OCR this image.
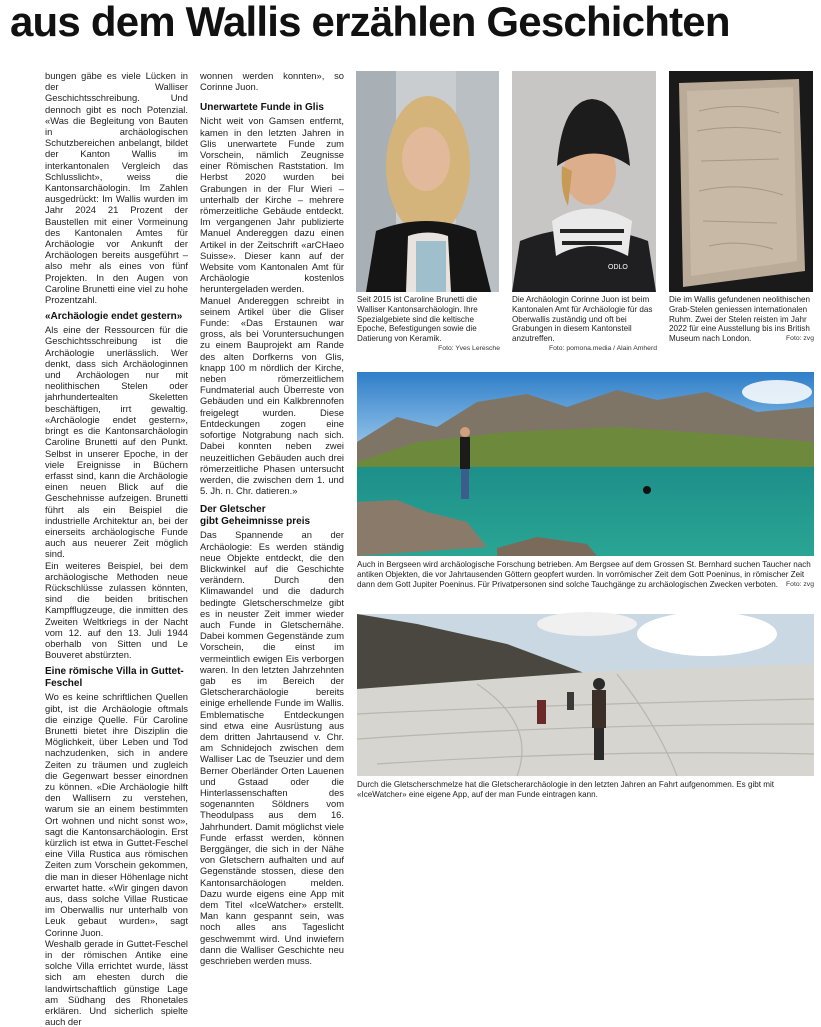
aus dem Wallis erzählen Geschichten

bungen gäbe es viele Lücken in der Walliser Geschichtsschreibung. Und dennoch gibt es noch Potenzial. «Was die Begleitung von Bauten in archäologischen Schutzbereichen anbelangt, bildet der Kanton Wallis im interkantonalen Vergleich das Schlusslicht», weiss die Kantonsarchäologin. Im Zahlen ausgedrückt: Im Wallis wurden im Jahr 2024 21 Prozent der Baustellen mit einer Vormeinung des Kantonalen Amtes für Archäologie vor Ankunft der Archäologen bereits ausgeführt – also mehr als eines von fünf Projekten. In den Augen von Caroline Brunetti eine viel zu hohe Prozentzahl.

«Archäologie endet gestern»

Als eine der Ressourcen für die Geschichtsschreibung ist die Archäologie unerlässlich. Wer denkt, dass sich Archäologinnen und Archäologen nur mit neolithischen Stelen oder jahrhundertealten Skeletten beschäftigen, irrt gewaltig. «Archäologie endet gestern», bringt es die Kantonsarchäologin Caroline Brunetti auf den Punkt. Selbst in unserer Epoche, in der viele Ereignisse in Büchern erfasst sind, kann die Archäologie einen neuen Blick auf die Geschehnisse aufzeigen. Brunetti führt als ein Beispiel die industrielle Architektur an, bei der einerseits archäologische Funde auch aus neuerer Zeit möglich sind.

Ein weiteres Beispiel, bei dem archäologische Methoden neue Rückschlüsse zulassen könnten, sind die beiden britischen Kampfflugzeuge, die inmitten des Zweiten Weltkriegs in der Nacht vom 12. auf den 13. Juli 1944 oberhalb von Sitten und Le Bouveret abstürzten.

Eine römische Villa in Guttet-Feschel

Wo es keine schriftlichen Quellen gibt, ist die Archäologie oftmals die einzige Quelle. Für Caroline Brunetti bietet ihre Disziplin die Möglichkeit, über Leben und Tod nachzudenken, sich in andere Zeiten zu träumen und zugleich die Gegenwart besser einordnen zu können. «Die Archäologie hilft den Wallisern zu verstehen, warum sie an einem bestimmten Ort wohnen und nicht sonst wo», sagt die Kantonsarchäologin. Erst kürzlich ist etwa in Guttet-Feschel eine Villa Rustica aus römischen Zeiten zum Vorschein gekommen, die man in dieser Höhenlage nicht erwartet hatte. «Wir gingen davon aus, dass solche Villae Rusticae im Oberwallis nur unterhalb von Leuk gebaut wurden», sagt Corinne Juon.

Weshalb gerade in Guttet-Feschel in der römischen Antike eine solche Villa errichtet wurde, lässt sich am ehesten durch die landwirtschaftlich günstige Lage am Südhang des Rhonetales erklären. Und sicherlich spielte auch der

wonnen werden konnten», so Corinne Juon.

Unerwartete Funde in Glis

Nicht weit von Gamsen entfernt, kamen in den letzten Jahren in Glis unerwartete Funde zum Vorschein, nämlich Zeugnisse einer Römischen Raststation. Im Herbst 2020 wurden bei Grabungen in der Flur Wieri – unterhalb der Kirche – mehrere römerzeitliche Gebäude entdeckt. Im vergangenen Jahr publizierte Manuel Andereggen dazu einen Artikel in der Zeitschrift «arCHaeo Suisse». Dieser kann auf der Website vom Kantonalen Amt für Archäologie kostenlos heruntergeladen werden.

Manuel Andereggen schreibt in seinem Artikel über die Gliser Funde: «Das Erstaunen war gross, als bei Voruntersuchungen zu einem Bauprojekt am Rande des alten Dorfkerns von Glis, knapp 100 m nördlich der Kirche, neben römerzeitlichem Fundmaterial auch Überreste von Gebäuden und ein Kalkbrennofen freigelegt wurden. Diese Entdeckungen zogen eine sofortige Notgrabung nach sich. Dabei konnten neben zwei neuzeitlichen Gebäuden auch drei römerzeitliche Phasen untersucht werden, die zwischen dem 1. und 5. Jh. n. Chr. datieren.»

Der Gletscher
gibt Geheimnisse preis

Das Spannende an der Archäologie: Es werden ständig neue Objekte entdeckt, die den Blickwinkel auf die Geschichte verändern. Durch den Klimawandel und die dadurch bedingte Gletscherschmelze gibt es in neuster Zeit immer wieder auch Funde in Gletschernähe. Dabei kommen Gegenstände zum Vorschein, die einst im vermeintlich ewigen Eis verborgen waren. In den letzten Jahrzehnten gab es im Bereich der Gletscherarchäologie bereits einige erhellende Funde im Wallis. Emblematische Entdeckungen sind etwa eine Ausrüstung aus dem dritten Jahrtausend v. Chr. am Schnidejoch zwischen dem Walliser Lac de Tseuzier und dem Berner Oberländer Orten Lauenen und Gstaad oder die Hinterlassenschaften des sogenannten Söldners vom Theodulpass aus dem 16. Jahrhundert. Damit möglichst viele Funde erfasst werden, können Berggänger, die sich in der Nähe von Gletschern aufhalten und auf Gegenstände stossen, diese den Kantonsarchäologen melden. Dazu wurde eigens eine App mit dem Titel «IceWatcher» erstellt. Man kann gespannt sein, was noch alles ans Tageslicht geschwemmt wird. Und inwiefern dann die Walliser Geschichte neu geschrieben werden muss.

Seit 2015 ist Caroline Brunetti die Walliser Kantonsarchäologin. Ihre Spezialgebiete sind die keltische Epoche, Befestigungen sowie die Datierung von Keramik.
Foto: Yves Leresche
ODLO
Die Archäologin Corinne Juon ist beim Kantonalen Amt für Archäologie für das Oberwallis zuständig und oft bei Grabungen in diesem Kantonsteil anzutreffen.
Foto: pomona.media / Alain Amherd
Die im Wallis gefundenen neolithischen Grab-Stelen geniessen internationalen Ruhm. Zwei der Stelen reisten im Jahr 2022 für eine Ausstellung bis ins British Museum nach London.	Foto: zvg
Auch in Bergseen wird archäologische Forschung betrieben. Am Bergsee auf dem Grossen St. Bernhard suchen Taucher nach antiken Objekten, die vor Jahrtausenden Göttern geopfert wurden. In vorrömischer Zeit dem Gott Poeninus, in römischer Zeit dann dem Gott Jupiter Poeninus. Für Privatpersonen sind solche Tauchgänge zu archäologischen Zwecken verboten. Foto: zvg
Durch die Gletscherschmelze hat die Gletscherarchäologie in den letzten Jahren an Fahrt aufgenommen. Es gibt mit «IceWatcher» eine eigene App, auf der man Funde eintragen kann.
